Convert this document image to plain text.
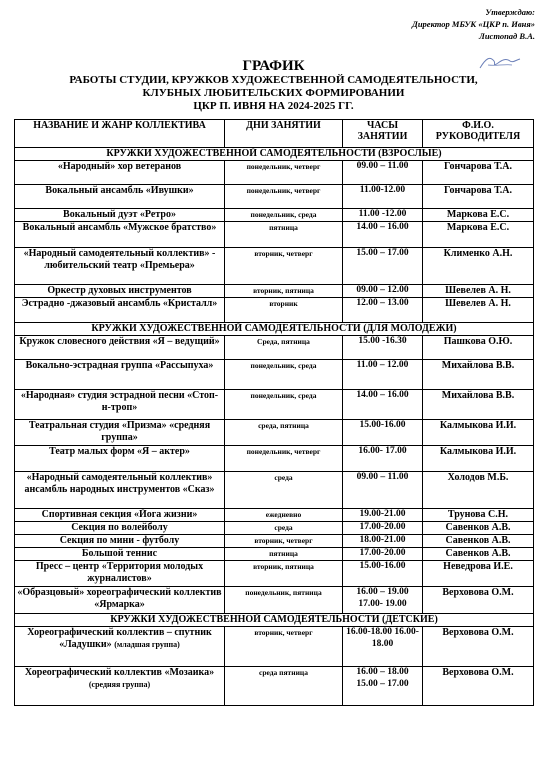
Утверждаю:
Директор МБУК «ЦКР п. Ивня»
Листопад В.А.
ГРАФИК
РАБОТЫ СТУДИИ, КРУЖКОВ ХУДОЖЕСТВЕННОЙ САМОДЕЯТЕЛЬНОСТИ,
КЛУБНЫХ ЛЮБИТЕЛЬСКИХ ФОРМИРОВАНИИ
ЦКР П. ИВНЯ НА 2024-2025 ГГ.
НАЗВАНИЕ И ЖАНР КОЛЛЕКТИВА	ДНИ ЗАНЯТИИ	ЧАСЫ ЗАНЯТИИ	Ф.И.О. РУКОВОДИТЕЛЯ
КРУЖКИ ХУДОЖЕСТВЕННОЙ САМОДЕЯТЕЛЬНОСТИ (ВЗРОСЛЫЕ)			
«Народный» хор ветеранов	понедельник, четверг	09.00 – 11.00	Гончарова Т.А.
Вокальный ансамбль «Ивушки»	понедельник, четверг	11.00-12.00	Гончарова Т.А.
Вокальный дуэт «Ретро»	понедельник, среда	11.00 -12.00	Маркова Е.С.
Вокальный ансамбль «Мужское братство»	пятница	14.00 – 16.00	Маркова Е.С.
«Народный самодеятельный коллектив» - любительский театр «Премьера»	вторник, четверг	15.00 – 17.00	Клименко А.Н.
Оркестр духовых инструментов	вторник, пятница	09.00 – 12.00	Шевелев А. Н.
Эстрадно -джазовый ансамбль «Кристалл»	вторник	12.00 – 13.00	Шевелев А. Н.
КРУЖКИ ХУДОЖЕСТВЕННОЙ САМОДЕЯТЕЛЬНОСТИ (ДЛЯ МОЛОДЕЖИ)			
Кружок словесного действия «Я – ведущий»	Среда, пятница	15.00 -16.30	Пашкова О.Ю.
Вокально-эстрадная группа «Рассыпуха»	понедельник, среда	11.00 – 12.00	Михайлова В.В.
«Народная» студия эстрадной песни «Стоп-н-троп»	понедельник, среда	14.00 – 16.00	Михайлова В.В.
Театральная студия «Призма» «средняя группа»	среда, пятница	15.00-16.00	Калмыкова И.И.
Театр малых форм «Я – актер»	понедельник, четверг	16.00- 17.00	Калмыкова И.И.
«Народный самодеятельный коллектив» ансамбль народных инструментов «Сказ»	среда	09.00 – 11.00	Холодов М.Б.
Спортивная секция «Йога жизни»	ежедневно	19.00-21.00	Трунова С.Н.
Секция по волейболу	среда	17.00-20.00	Савенков А.В.
Секция по мини - футболу	вторник, четверг	18.00-21.00	Савенков А.В.
Большой теннис	пятница	17.00-20.00	Савенков А.В.
Пресс – центр «Территория молодых журналистов»	вторник, пятница	15.00-16.00	Неведрова И.Е.
«Образцовый» хореографический коллектив «Ярмарка»	понедельник, пятница	16.00 – 19.00 17.00- 19.00	Верховова О.М.
КРУЖКИ ХУДОЖЕСТВЕННОЙ САМОДЕЯТЕЛЬНОСТИ (ДЕТСКИЕ)			
Хореографический коллектив – спутник «Ладушки» (младшая группа)	вторник, четверг	16.00-18.00 16.00-18.00	Верховова О.М.
Хореографический коллектив «Мозаика» (средняя группа)	среда пятница	16.00 – 18.00 15.00 – 17.00	Верховова О.М.
